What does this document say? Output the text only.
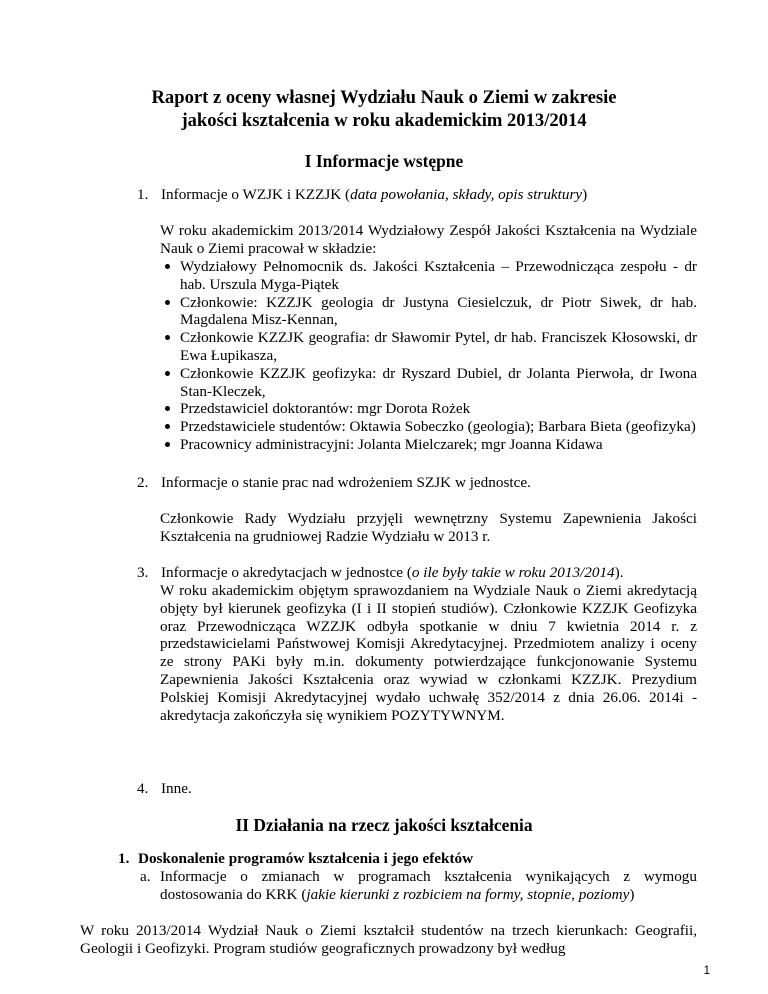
Raport z oceny własnej Wydziału Nauk o Ziemi w zakresie
jakości kształcenia w roku akademickim 2013/2014
I Informacje wstępne
1. Informacje o WZJK i KZZJK (data powołania, składy, opis struktury)
W roku akademickim 2013/2014 Wydziałowy Zespół Jakości Kształcenia na Wydziale Nauk o Ziemi pracował w składzie:
Wydziałowy Pełnomocnik ds. Jakości Kształcenia – Przewodnicząca zespołu - dr hab. Urszula Myga-Piątek
Członkowie: KZZJK geologia dr Justyna Ciesielczuk, dr Piotr Siwek, dr hab. Magdalena Misz-Kennan,
Członkowie KZZJK geografia: dr Sławomir Pytel, dr hab. Franciszek Kłosowski, dr Ewa Łupikasza,
Członkowie KZZJK geofizyka: dr Ryszard Dubiel, dr Jolanta Pierwoła, dr Iwona Stan-Kleczek,
Przedstawiciel doktorantów: mgr Dorota Rożek
Przedstawiciele studentów: Oktawia Sobeczko (geologia); Barbara Bieta (geofizyka)
Pracownicy administracyjni: Jolanta Mielczarek; mgr Joanna Kidawa
2. Informacje o stanie prac nad wdrożeniem SZJK w jednostce.
Członkowie Rady Wydziału przyjęli wewnętrzny Systemu Zapewnienia Jakości Kształcenia na grudniowej Radzie Wydziału w 2013 r.
3. Informacje o akredytacjach w jednostce (o ile były takie w roku 2013/2014).
W roku akademickim objętym sprawozdaniem na Wydziale Nauk o Ziemi akredytacją objęty był kierunek geofizyka (I i II stopień studiów). Członkowie KZZJK Geofizyka oraz Przewodnicząca WZZJK odbyła spotkanie w dniu 7 kwietnia 2014 r. z przedstawicielami Państwowej Komisji Akredytacyjnej. Przedmiotem analizy i oceny ze strony PAKi były m.in. dokumenty potwierdzające funkcjonowanie Systemu Zapewnienia Jakości Kształcenia oraz wywiad w członkami KZZJK. Prezydium Polskiej Komisji Akredytacyjnej wydało uchwałę 352/2014 z dnia 26.06. 2014i - akredytacja zakończyła się wynikiem POZYTYWNYM.
4. Inne.
II Działania na rzecz jakości kształcenia
1. Doskonalenie programów kształcenia i jego efektów
a. Informacje o zmianach w programach kształcenia wynikających z wymogu dostosowania do KRK (jakie kierunki z rozbiciem na formy, stopnie, poziomy)
W roku 2013/2014 Wydział Nauk o Ziemi kształcił studentów na trzech kierunkach: Geografii, Geologii i Geofizyki. Program studiów geograficznych prowadzony był według
1
